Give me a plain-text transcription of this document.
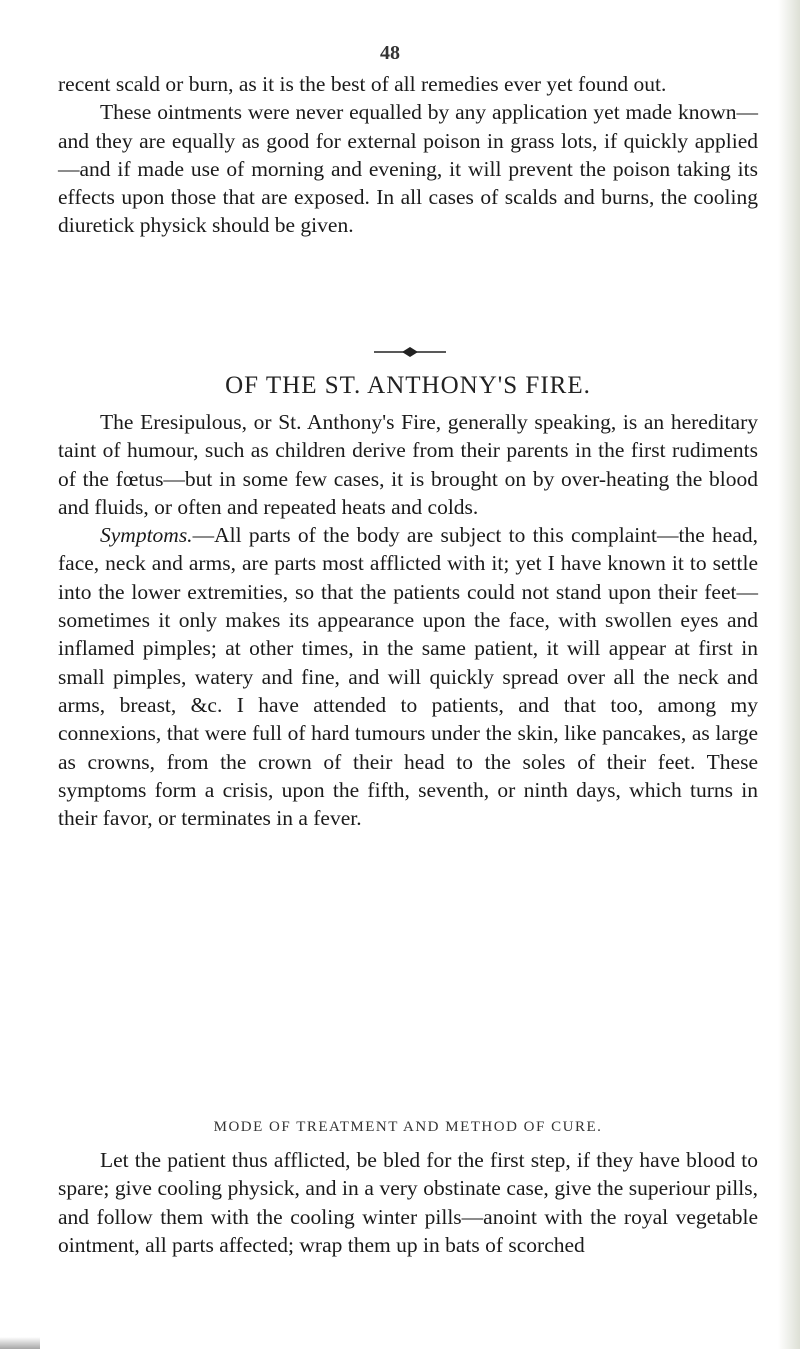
48

recent scald or burn, as it is the best of all remedies ever yet found out.

These ointments were never equalled by any application yet made known—and they are equally as good for external poison in grass lots, if quickly applied—and if made use of morning and evening, it will prevent the poison taking its effects upon those that are exposed. In all cases of scalds and burns, the cooling diuretick physick should be given.

OF THE ST. ANTHONY'S FIRE.

The Eresipulous, or St. Anthony's Fire, generally speaking, is an hereditary taint of humour, such as children derive from their parents in the first rudiments of the fœtus—but in some few cases, it is brought on by over-heating the blood and fluids, or often and repeated heats and colds.

Symptoms.—All parts of the body are subject to this complaint—the head, face, neck and arms, are parts most afflicted with it; yet I have known it to settle into the lower extremities, so that the patients could not stand upon their feet—sometimes it only makes its appearance upon the face, with swollen eyes and inflamed pimples; at other times, in the same patient, it will appear at first in small pimples, watery and fine, and will quickly spread over all the neck and arms, breast, &c. I have attended to patients, and that too, among my connexions, that were full of hard tumours under the skin, like pancakes, as large as crowns, from the crown of their head to the soles of their feet. These symptoms form a crisis, upon the fifth, seventh, or ninth days, which turns in their favor, or terminates in a fever.

MODE OF TREATMENT AND METHOD OF CURE.

Let the patient thus afflicted, be bled for the first step, if they have blood to spare; give cooling physick, and in a very obstinate case, give the superiour pills, and follow them with the cooling winter pills—anoint with the royal vegetable ointment, all parts affected; wrap them up in bats of scorched
